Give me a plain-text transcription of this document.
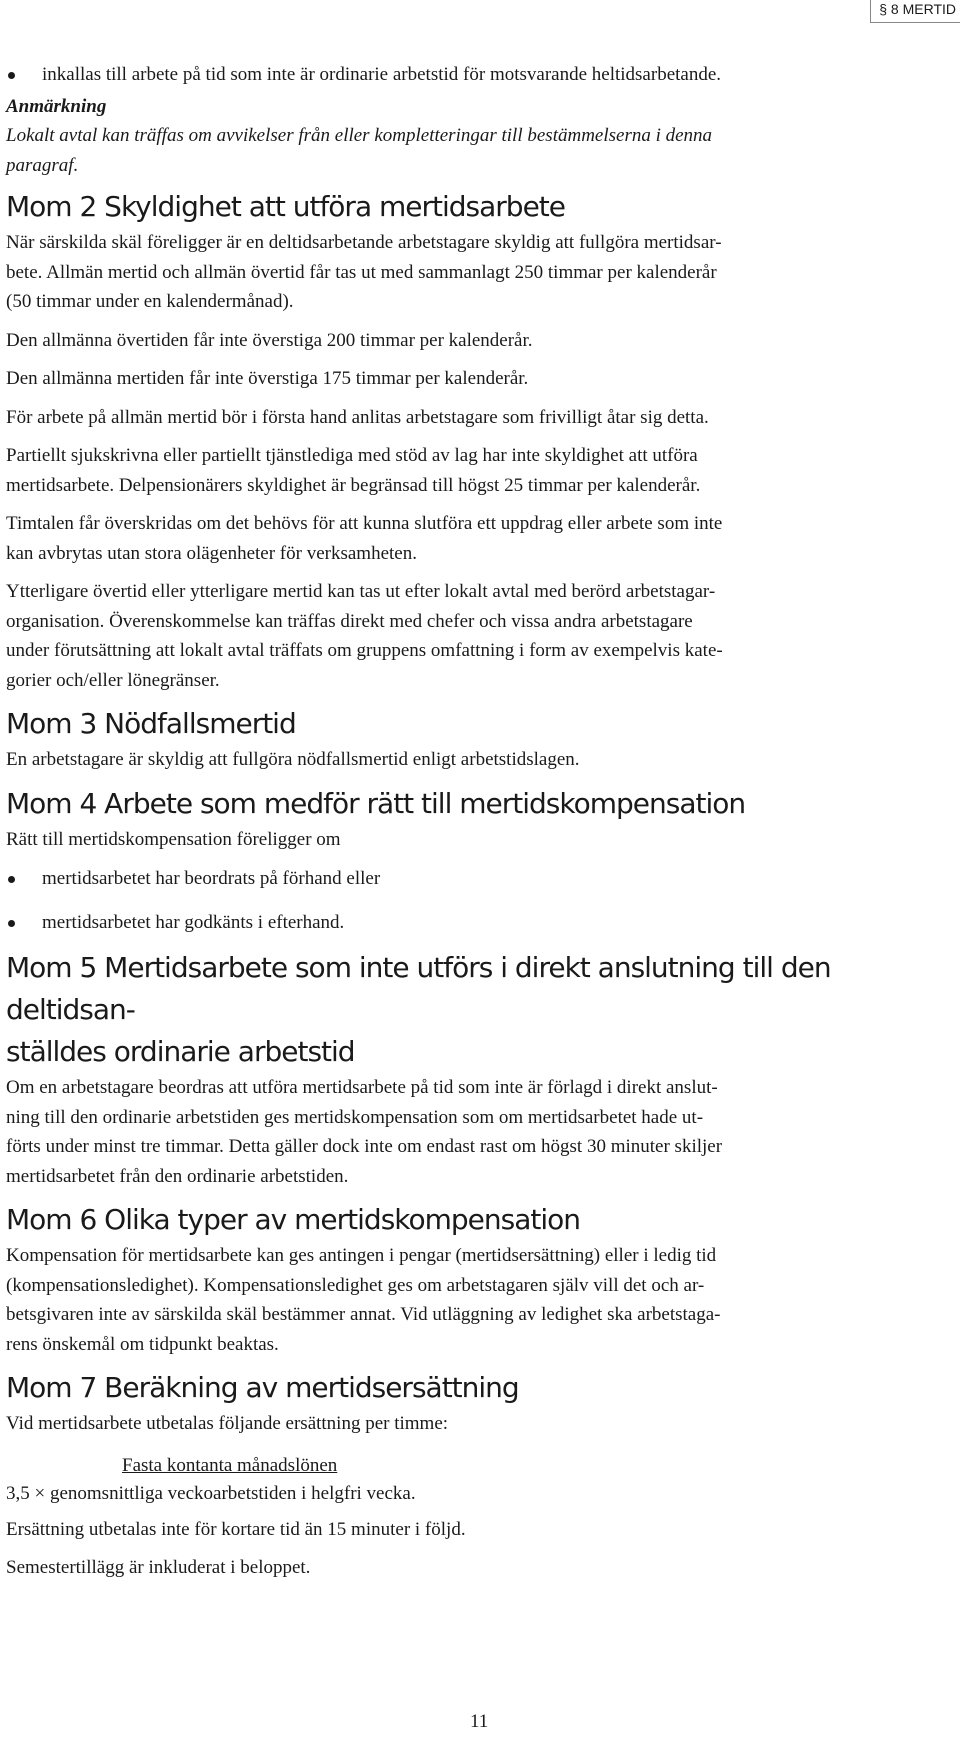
§ 8 MERTID
inkallas till arbete på tid som inte är ordinarie arbetstid för motsvarande heltidsarbetande.

Anmärkning

Lokalt avtal kan träffas om avvikelser från eller kompletteringar till bestämmelserna i denna

paragraf.

Mom 2 Skyldighet att utföra mertidsarbete

När särskilda skäl föreligger är en deltidsarbetande arbetstagare skyldig att fullgöra mertidsar-

bete. Allmän mertid och allmän övertid får tas ut med sammanlagt 250 timmar per kalenderår

(50 timmar under en kalendermånad).

Den allmänna övertiden får inte överstiga 200 timmar per kalenderår.

Den allmänna mertiden får inte överstiga 175 timmar per kalenderår.

För arbete på allmän mertid bör i första hand anlitas arbetstagare som frivilligt åtar sig detta.

Partiellt sjukskrivna eller partiellt tjänstlediga med stöd av lag har inte skyldighet att utföra

mertidsarbete. Delpensionärers skyldighet är begränsad till högst 25 timmar per kalenderår.

Timtalen får överskridas om det behövs för att kunna slutföra ett uppdrag eller arbete som inte

kan avbrytas utan stora olägenheter för verksamheten.

Ytterligare övertid eller ytterligare mertid kan tas ut efter lokalt avtal med berörd arbetstagar-

organisation. Överenskommelse kan träffas direkt med chefer och vissa andra arbetstagare

under förutsättning att lokalt avtal träffats om gruppens omfattning i form av exempelvis kate-

gorier och/eller lönegränser.

Mom 3 Nödfallsmertid

En arbetstagare är skyldig att fullgöra nödfallsmertid enligt arbetstidslagen.

Mom 4 Arbete som medför rätt till mertidskompensation

Rätt till mertidskompensation föreligger om

mertidsarbetet har beordrats på förhand eller
mertidsarbetet har godkänts i efterhand.
Mom 5 Mertidsarbete som inte utförs i direkt anslutning till den deltidsan-
ställdes ordinarie arbetstid

Om en arbetstagare beordras att utföra mertidsarbete på tid som inte är förlagd i direkt anslut-

ning till den ordinarie arbetstiden ges mertidskompensation som om mertidsarbetet hade ut-

förts under minst tre timmar. Detta gäller dock inte om endast rast om högst 30 minuter skiljer

mertidsarbetet från den ordinarie arbetstiden.

Mom 6 Olika typer av mertidskompensation

Kompensation för mertidsarbete kan ges antingen i pengar (mertidsersättning) eller i ledig tid

(kompensationsledighet). Kompensationsledighet ges om arbetstagaren själv vill det och ar-

betsgivaren inte av särskilda skäl bestämmer annat. Vid utläggning av ledighet ska arbetstaga-

rens önskemål om tidpunkt beaktas.

Mom 7 Beräkning av mertidsersättning

Vid mertidsarbete utbetalas följande ersättning per timme:

Fasta kontanta månadslönen
3,5 × genomsnittliga veckoarbetstiden i helgfri vecka.

Ersättning utbetalas inte för kortare tid än 15 minuter i följd.

Semestertillägg är inkluderat i beloppet.

11
